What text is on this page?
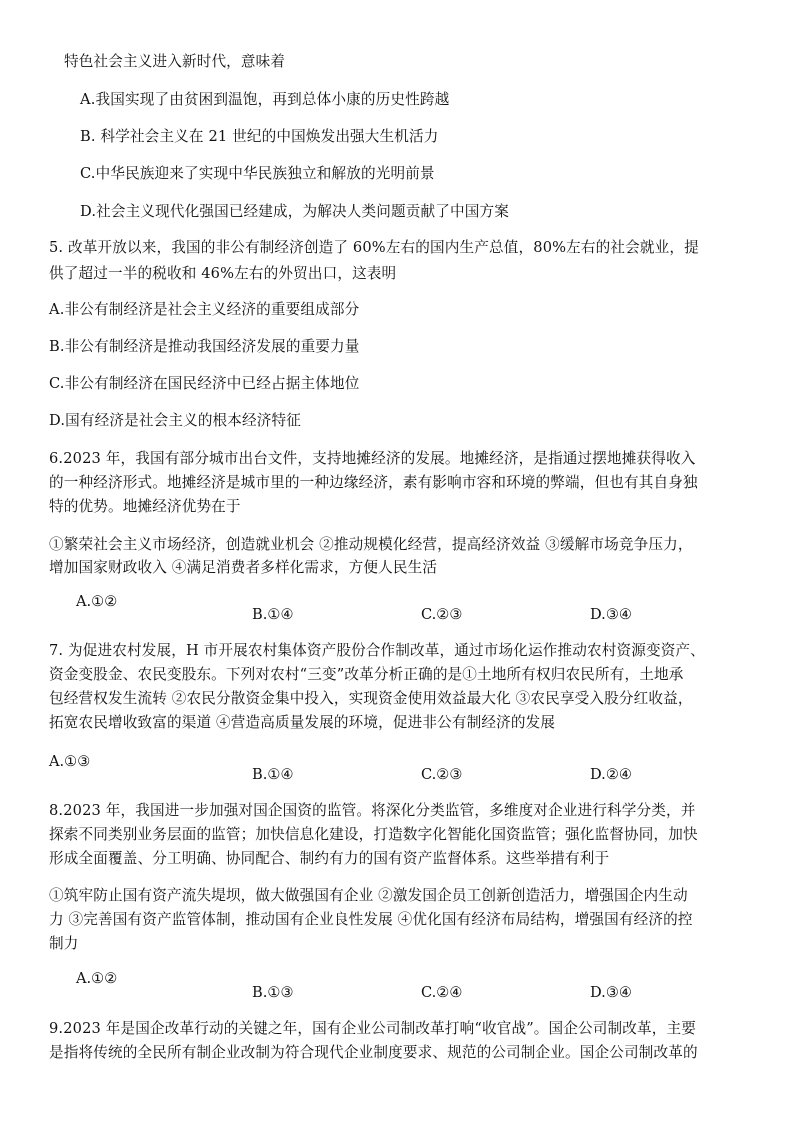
特色社会主义进入新时代，意味着
A.我国实现了由贫困到温饱，再到总体小康的历史性跨越
B. 科学社会主义在 21 世纪的中国焕发出强大生机活力
C.中华民族迎来了实现中华民族独立和解放的光明前景
D.社会主义现代化强国已经建成，为解决人类问题贡献了中国方案
5. 改革开放以来，我国的非公有制经济创造了 60%左右的国内生产总值，80%左右的社会就业，提
供了超过一半的税收和 46%左右的外贸出口，这表明
A.非公有制经济是社会主义经济的重要组成部分
B.非公有制经济是推动我国经济发展的重要力量
C.非公有制经济在国民经济中已经占据主体地位
D.国有经济是社会主义的根本经济特征
6.2023 年，我国有部分城市出台文件，支持地摊经济的发展。地摊经济，是指通过摆地摊获得收入
的一种经济形式。地摊经济是城市里的一种边缘经济，素有影响市容和环境的弊端，但也有其自身独
特的优势。地摊经济优势在于
①繁荣社会主义市场经济，创造就业机会 ②推动规模化经营，提高经济效益 ③缓解市场竞争压力，
增加国家财政收入 ④满足消费者多样化需求，方便人民生活
A.①②
B.①④	C.②③	D.③④
7. 为促进农村发展，H 市开展农村集体资产股份合作制改革，通过市场化运作推动农村资源变资产、
资金变股金、农民变股东。下列对农村“三变”改革分析正确的是①土地所有权归农民所有，土地承
包经营权发生流转 ②农民分散资金集中投入，实现资金使用效益最大化 ③农民享受入股分红收益，
拓宽农民增收致富的渠道 ④营造高质量发展的环境，促进非公有制经济的发展
A.①③
B.①④	C.②③	D.②④
8.2023 年，我国进一步加强对国企国资的监管。将深化分类监管，多维度对企业进行科学分类，并
探索不同类别业务层面的监管；加快信息化建设，打造数字化智能化国资监管；强化监督协同，加快
形成全面覆盖、分工明确、协同配合、制约有力的国有资产监督体系。这些举措有利于
①筑牢防止国有资产流失堤坝，做大做强国有企业 ②激发国企员工创新创造活力，增强国企内生动
力 ③完善国有资产监管体制，推动国有企业良性发展 ④优化国有经济布局结构，增强国有经济的控
制力
A.①②
B.①③	C.②④	D.③④
9.2023 年是国企改革行动的关键之年，国有企业公司制改革打响“收官战”。国企公司制改革，主要
是指将传统的全民所有制企业改制为符合现代企业制度要求、规范的公司制企业。国企公司制改革的
